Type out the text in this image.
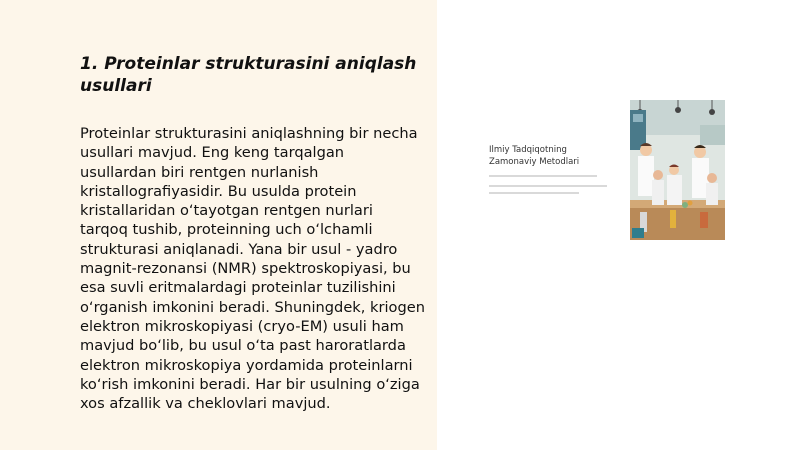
1. Proteinlar strukturasini aniqlash usullari

Proteinlar strukturasini aniqlashning bir necha usullari mavjud. Eng keng tarqalgan usullardan biri rentgen nurlanish kristallografiyasidir. Bu usulda protein kristallaridan o‘tayotgan rentgen nurlari tarqoq tushib, proteinning uch o‘lchamli strukturasi aniqlanadi. Yana bir usul - yadro magnit-rezonansi (NMR) spektroskopiyasi, bu esa suvli eritmalardagi proteinlar tuzilishini o‘rganish imkonini beradi. Shuningdek, kriogen elektron mikroskopiyasi (cryo-EM) usuli ham mavjud bo‘lib, bu usul o‘ta past haroratlarda elektron mikroskopiya yordamida proteinlarni ko‘rish imkonini beradi. Har bir usulning o‘ziga xos afzallik va cheklovlari mavjud.

Ilmiy Tadqiqotning
Zamonaviy Metodlari
